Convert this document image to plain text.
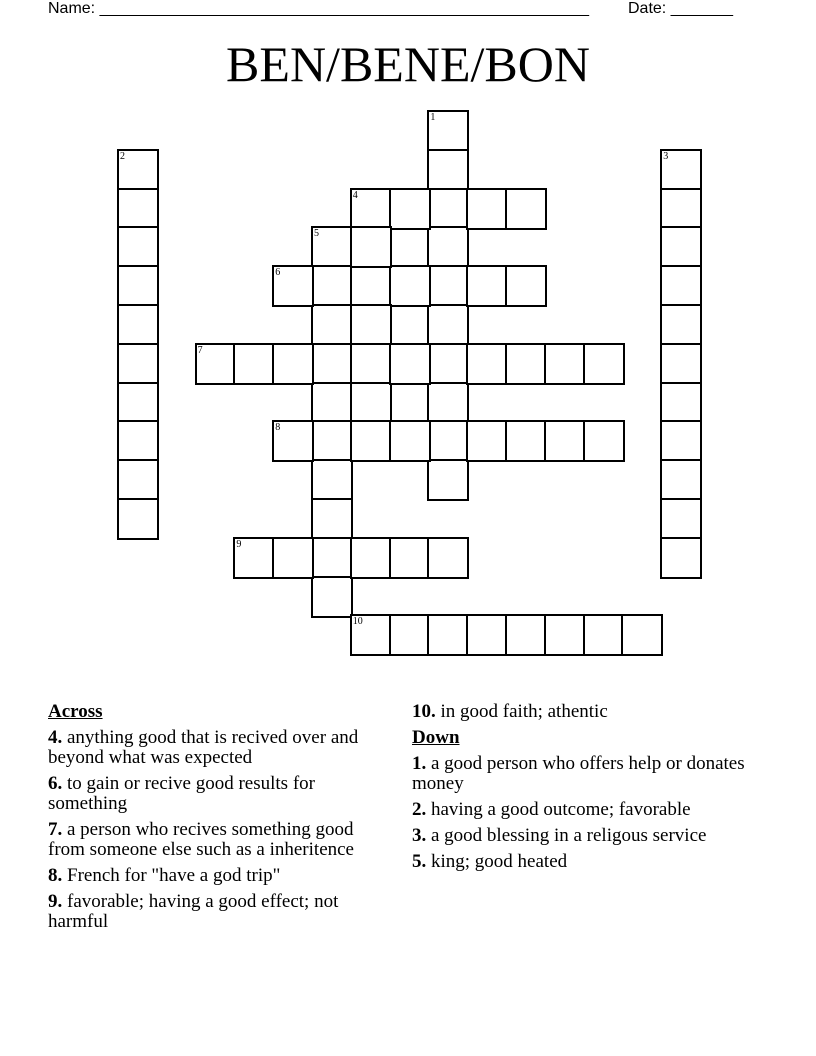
Name: _______________________________________________________ Date: _______
BEN/BENE/BON
1
2	3
4
5
6
7
8
9
10
Across
4. anything good that is recived over and beyond what was expected
6. to gain or recive good results for something
7. a person who recives something good from someone else such as a inheritence
8. French for "have a god trip"
9. favorable; having a good effect; not harmful
10. in good faith; athentic
Down
1. a good person who offers help or donates money
2. having a good outcome; favorable
3. a good blessing in a religous service
5. king; good heated
